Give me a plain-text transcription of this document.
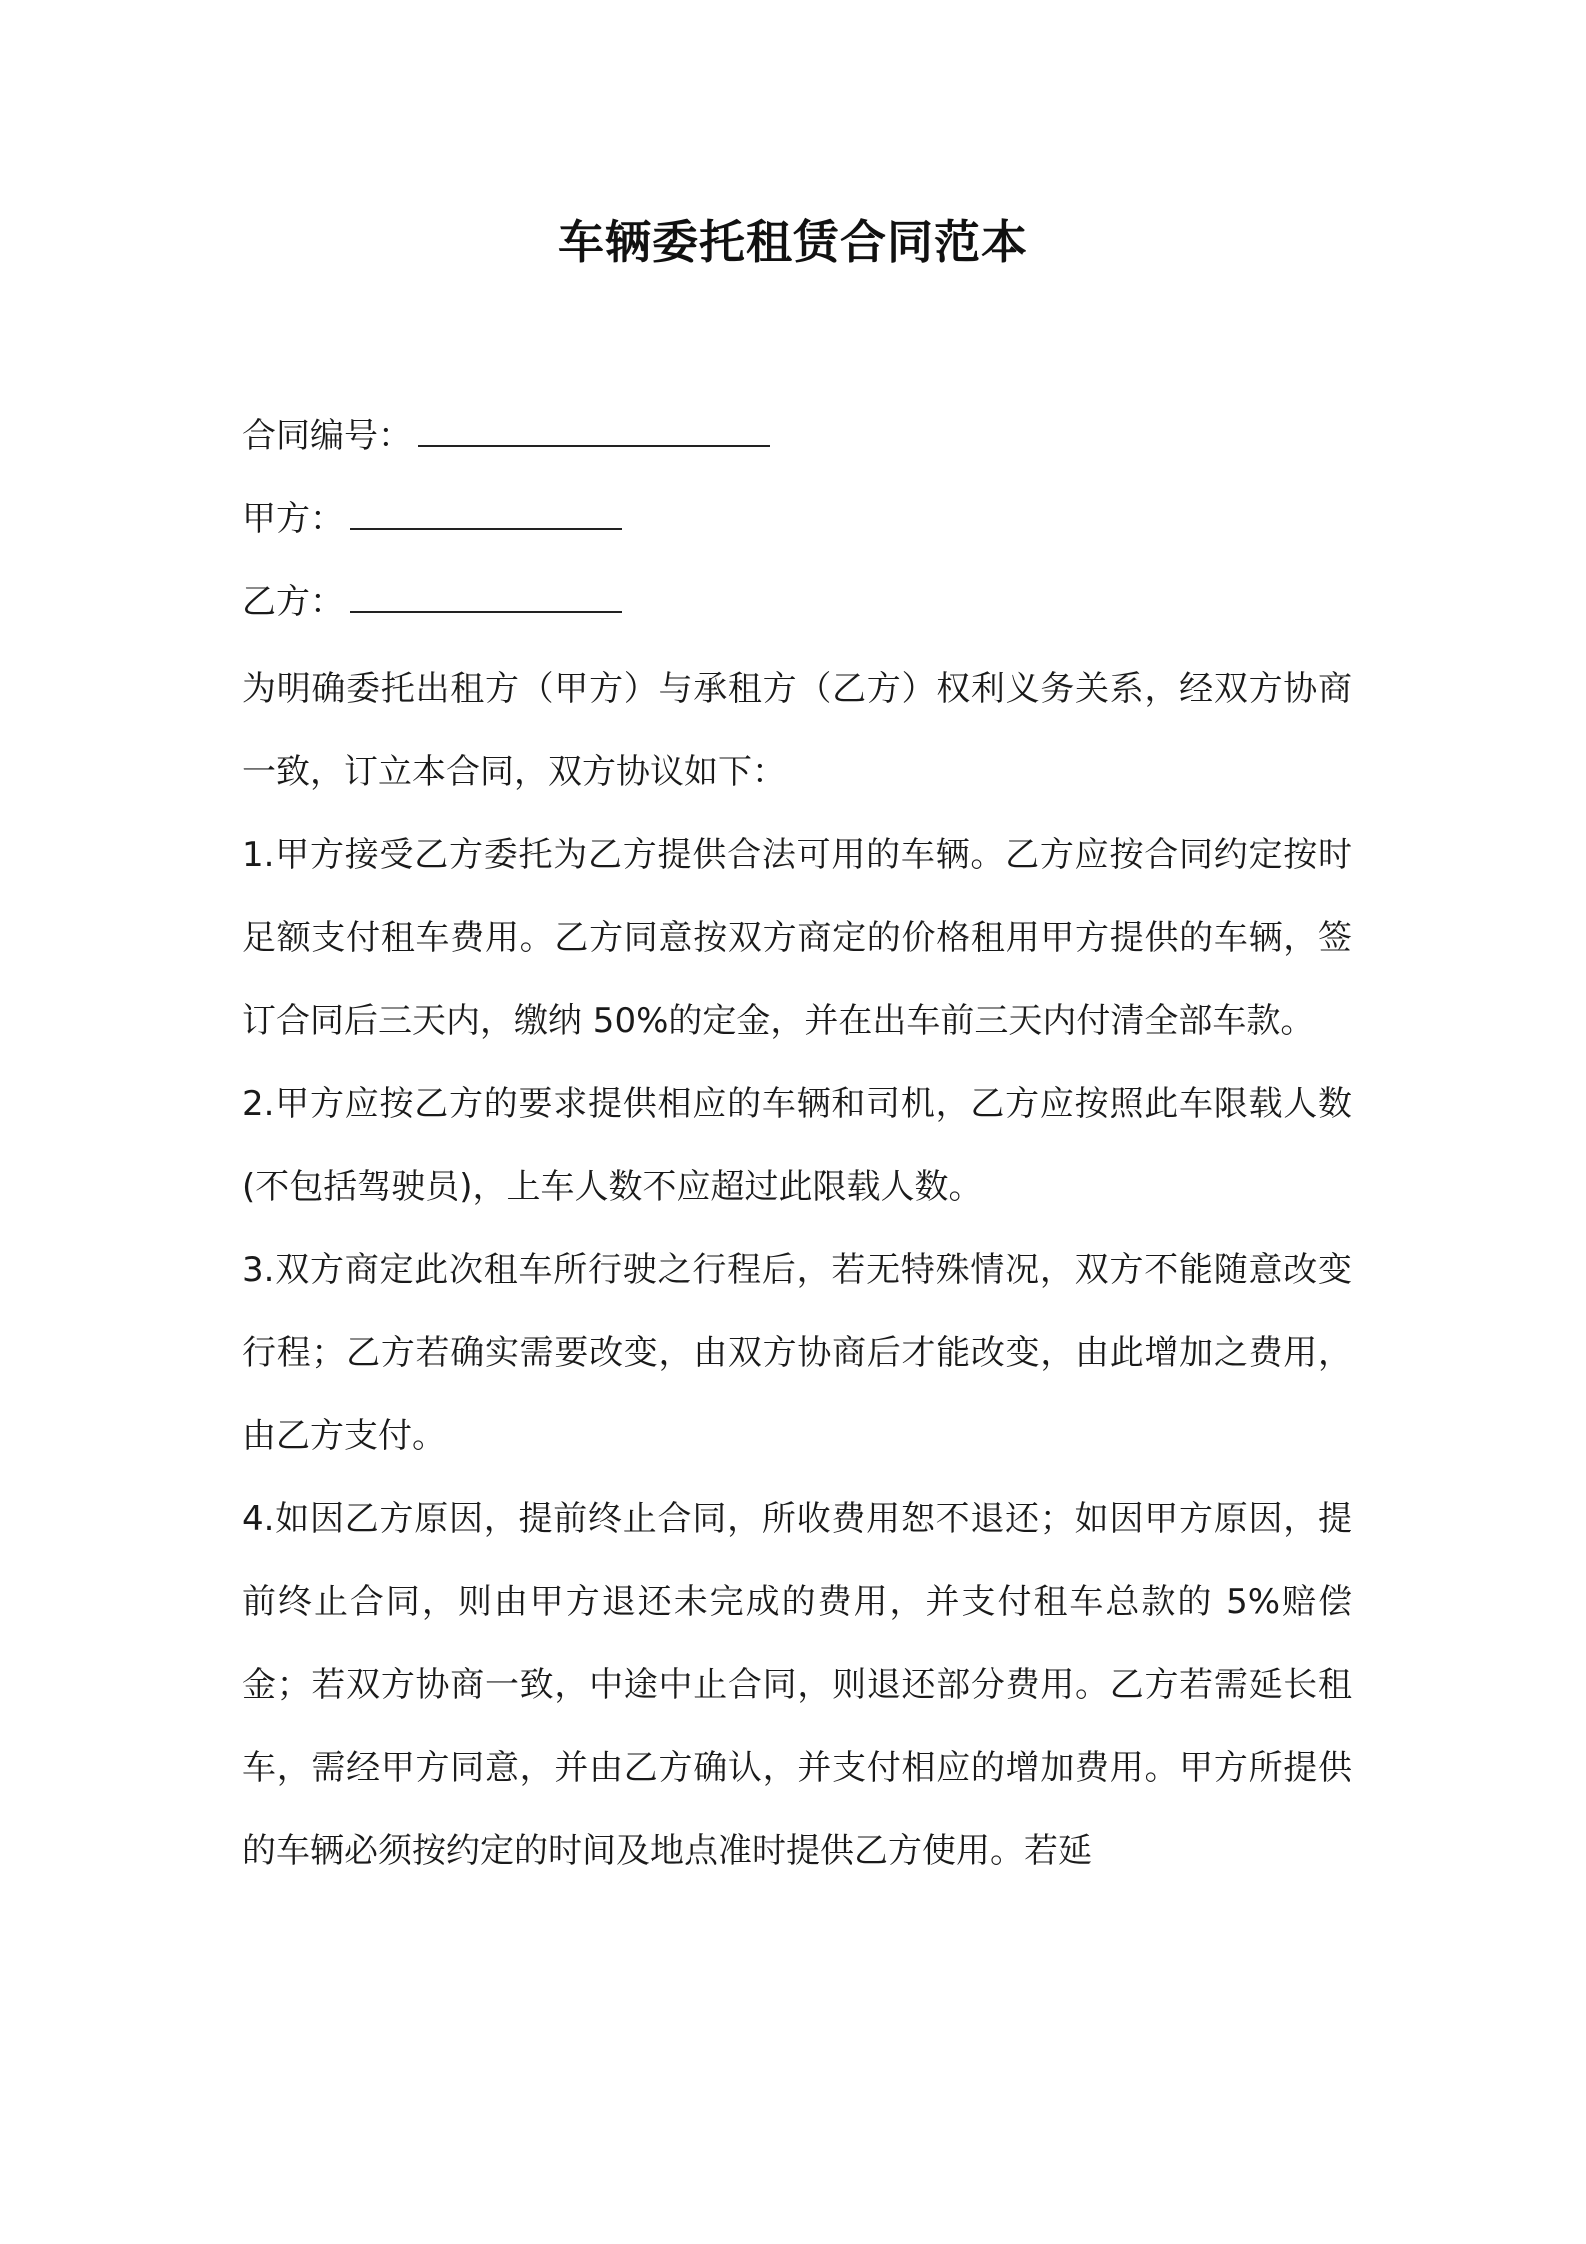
车辆委托租赁合同范本
合同编号：
甲方：
乙方：

为明确委托出租方（甲方）与承租方（乙方）权利义务关系，经双方协商一致，订立本合同，双方协议如下：

1.甲方接受乙方委托为乙方提供合法可用的车辆。乙方应按合同约定按时足额支付租车费用。乙方同意按双方商定的价格租用甲方提供的车辆，签订合同后三天内，缴纳 50%的定金，并在出车前三天内付清全部车款。

2.甲方应按乙方的要求提供相应的车辆和司机，乙方应按照此车限载人数(不包括驾驶员)，上车人数不应超过此限载人数。

3.双方商定此次租车所行驶之行程后，若无特殊情况，双方不能随意改变行程；乙方若确实需要改变，由双方协商后才能改变，由此增加之费用，由乙方支付。

4.如因乙方原因，提前终止合同，所收费用恕不退还；如因甲方原因，提前终止合同，则由甲方退还未完成的费用，并支付租车总款的 5%赔偿金；若双方协商一致，中途中止合同，则退还部分费用。乙方若需延长租车，需经甲方同意，并由乙方确认，并支付相应的增加费用。甲方所提供的车辆必须按约定的时间及地点准时提供乙方使用。若延
